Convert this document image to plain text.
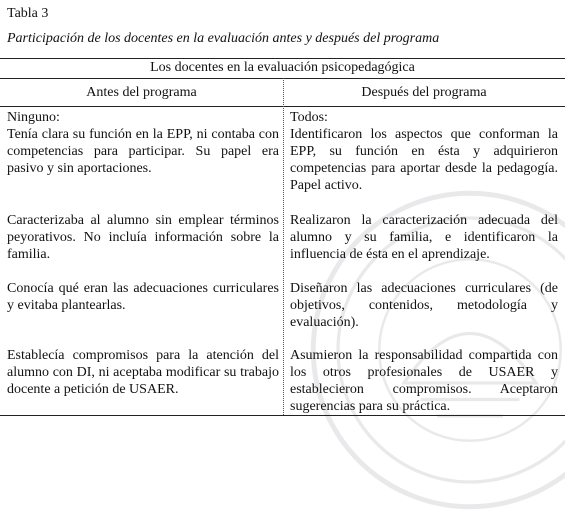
Tabla 3
Participación de los docentes en la evaluación antes y después del programa
Los docentes en la evaluación psicopedagógica
Antes del programa	Después del programa
Ninguno:
Tenía clara su función en la EPP, ni contaba con competencias para participar. Su papel era pasivo y sin aportaciones.
Todos:
Identificaron los aspectos que conforman la EPP, su función en ésta y adquirieron competencias para aportar desde la pedagogía. Papel activo.
Caracterizaba al alumno sin emplear términos peyorativos. No incluía información sobre la familia.
Realizaron la caracterización adecuada del alumno y su familia, e identificaron la influencia de ésta en el aprendizaje.
Conocía qué eran las adecuaciones curriculares y evitaba plantearlas.
Diseñaron las adecuaciones curriculares (de objetivos, contenidos, metodología y evaluación).
Establecía compromisos para la atención del alumno con DI, ni aceptaba modificar su trabajo docente a petición de USAER.
Asumieron la responsabilidad compartida con los otros profesionales de USAER y establecieron compromisos. Aceptaron sugerencias para su práctica.
